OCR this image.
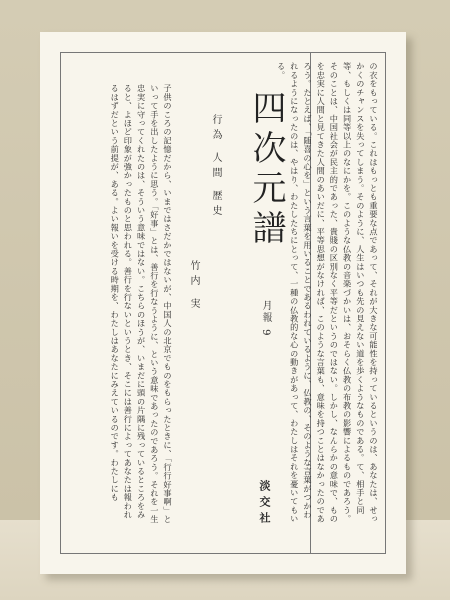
の衣をもっている。これはもっとも重要な点であって、それが大きな可能性を持っているというのは、あなたは、せっかくのチャンスを失ってしまう。そのように、人生はいつも先の見えない道を歩くようなものである。て、相手と同等、もしくは同等以上のなにかを。このような仏教の音楽づかいは、おそらく仏教の布教の影響によるものであろう。そのことは、中国社会が民主的であった、貴賤の区別なく平等だというのではない。しかし、なんらかの意味で、ものを忠実に人間と見てきた人間のあいだに、平等思想がなければ、このような言葉も、意味を持つことはなかったのであろう。たとえば、「随喜の心を」という言葉を用いることであるわれているように、仏教の、そのような言葉がつかわれるようになったのは、やはり、わたしたちにとって、一種の仏教的な心の動きがあって、わたしはそれを憂いてもいる。
四次元譜
月報 9
淡交社
行為 人間 歴史
竹内 実
子供のころの記憶だから、いまではさだかではないが、中国人の北京でものをもらったときに、「行行好事啊」といって手を出したように思う。「好事」とは、善行を行なうように、という意味であったのであろう。それを一生忠実に守ってくれたのは、そういう意味ではない。こちらのほうが、いまだに頭の片隅に残っているところをみると、よほど印象が強かったものと思われる。善行を行ないというとき、そこには善行によってあなたは報われるはずだという前提が、ある。よい報いを受ける時期を、わたしはあなたにみえているのです。わたしにも
